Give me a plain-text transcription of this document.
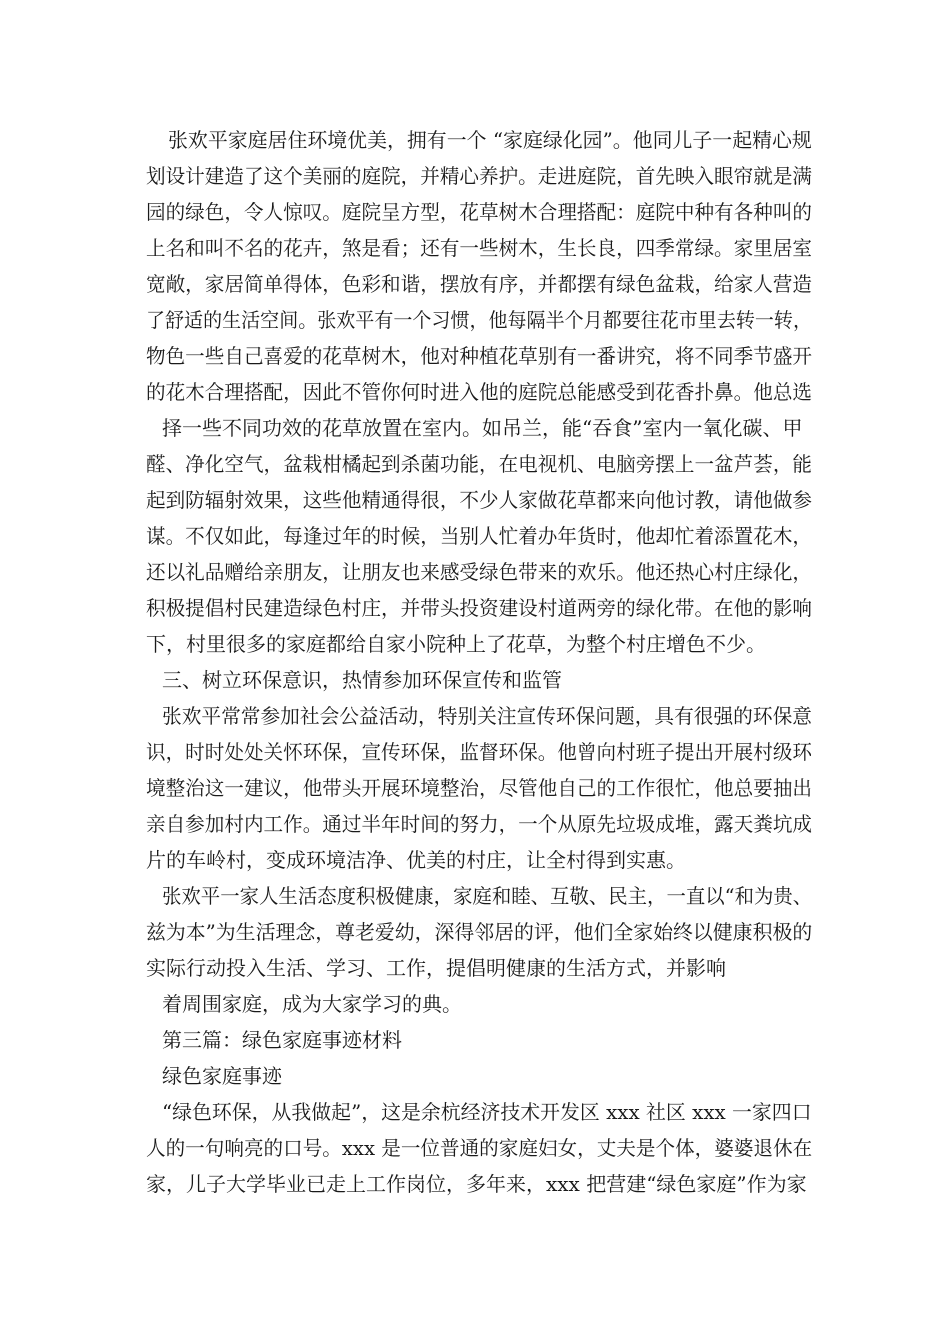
张欢平家庭居住环境优美，拥有一个 “家庭绿化园”。他同儿子一起精心规
划设计建造了这个美丽的庭院，并精心养护。走进庭院，首先映入眼帘就是满
园的绿色，令人惊叹。庭院呈方型，花草树木合理搭配：庭院中种有各种叫的
上名和叫不名的花卉，煞是看；还有一些树木，生长良，四季常绿。家里居室
宽敞，家居简单得体，色彩和谐，摆放有序，并都摆有绿色盆栽，给家人营造
了舒适的生活空间。张欢平有一个习惯，他每隔半个月都要往花市里去转一转，
物色一些自己喜爱的花草树木，他对种植花草别有一番讲究，将不同季节盛开
的花木合理搭配，因此不管你何时进入他的庭院总能感受到花香扑鼻。他总选
择一些不同功效的花草放置在室内。如吊兰，能“吞食”室内一氧化碳、甲
醛、净化空气，盆栽柑橘起到杀菌功能，在电视机、电脑旁摆上一盆芦荟，能
起到防辐射效果，这些他精通得很，不少人家做花草都来向他讨教，请他做参
谋。不仅如此，每逢过年的时候，当别人忙着办年货时，他却忙着添置花木，
还以礼品赠给亲朋友，让朋友也来感受绿色带来的欢乐。他还热心村庄绿化，
积极提倡村民建造绿色村庄，并带头投资建设村道两旁的绿化带。在他的影响
下，村里很多的家庭都给自家小院种上了花草，为整个村庄增色不少。
三、树立环保意识，热情参加环保宣传和监管
张欢平常常参加社会公益活动，特别关注宣传环保问题，具有很强的环保意
识，时时处处关怀环保，宣传环保，监督环保。他曾向村班子提出开展村级环
境整治这一建议，他带头开展环境整治，尽管他自己的工作很忙，他总要抽出
亲自参加村内工作。通过半年时间的努力，一个从原先垃圾成堆，露天粪坑成
片的车岭村，变成环境洁净、优美的村庄，让全村得到实惠。
张欢平一家人生活态度积极健康，家庭和睦、互敬、民主，一直以“和为贵、
兹为本”为生活理念，尊老爱幼，深得邻居的评，他们全家始终以健康积极的
实际行动投入生活、学习、工作，提倡明健康的生活方式，并影响
着周围家庭，成为大家学习的典。
第三篇：绿色家庭事迹材料
绿色家庭事迹
“绿色环保，从我做起”，这是余杭经济技术开发区 xxx 社区 xxx 一家四口
人的一句响亮的口号。xxx 是一位普通的家庭妇女，丈夫是个体，婆婆退休在
家，儿子大学毕业已走上工作岗位，多年来，xxx 把营建“绿色家庭”作为家
